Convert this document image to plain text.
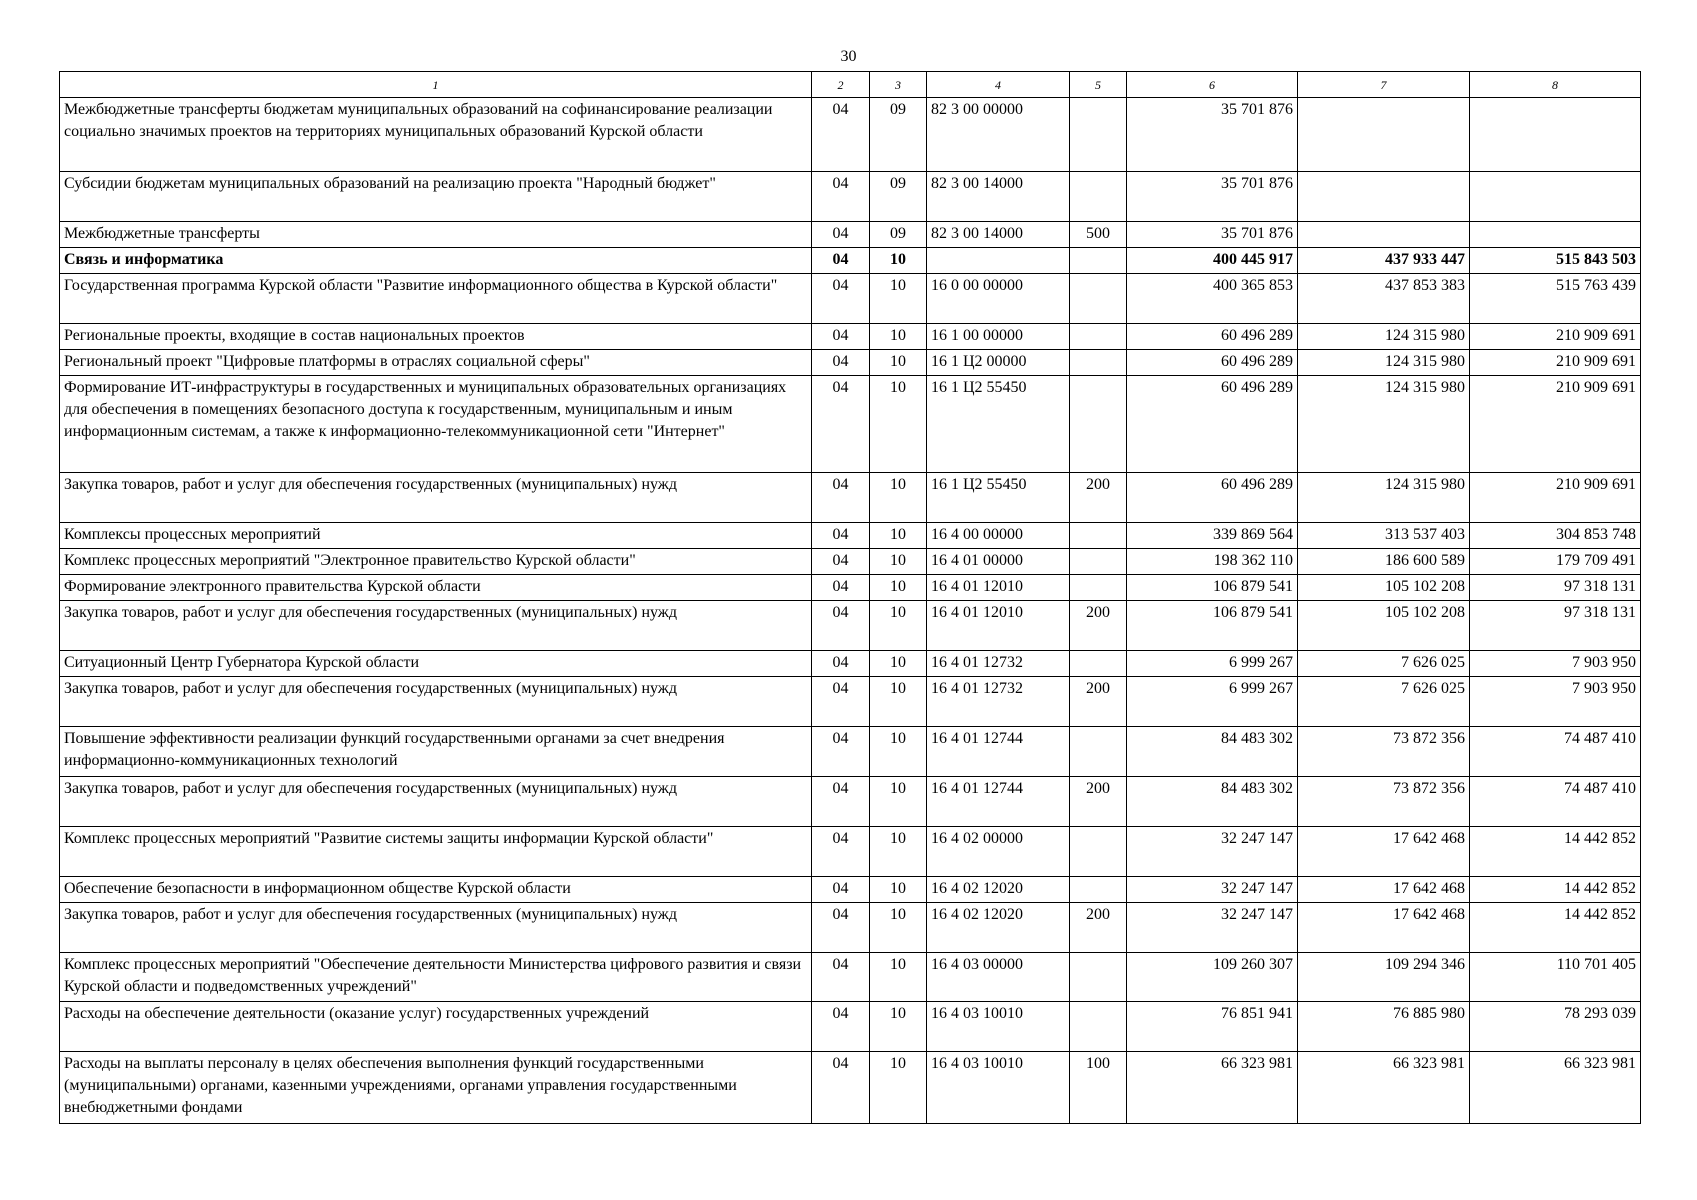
30
1	2	3	4	5	6	7	8
Межбюджетные трансферты бюджетам муниципальных образований на софинансирование реализации социально значимых проектов на территориях муниципальных образований Курской области	04	09	82 3 00 00000		35 701 876		
Субсидии бюджетам муниципальных образований на реализацию проекта "Народный бюджет"	04	09	82 3 00 14000		35 701 876		
Межбюджетные трансферты	04	09	82 3 00 14000	500	35 701 876		
Связь и информатика	04	10			400 445 917	437 933 447	515 843 503
Государственная программа Курской области "Развитие информационного общества в Курской области"	04	10	16 0 00 00000		400 365 853	437 853 383	515 763 439
Региональные проекты, входящие в состав национальных проектов	04	10	16 1 00 00000		60 496 289	124 315 980	210 909 691
Региональный проект "Цифровые платформы в отраслях социальной сферы"	04	10	16 1 Ц2 00000		60 496 289	124 315 980	210 909 691
Формирование ИТ-инфраструктуры в государственных и муниципальных образовательных организациях для обеспечения в помещениях безопасного доступа к государственным, муниципальным и иным информационным системам, а также к информационно-телекоммуникационной сети "Интернет"	04	10	16 1 Ц2 55450		60 496 289	124 315 980	210 909 691
Закупка товаров, работ и услуг для обеспечения государственных (муниципальных) нужд	04	10	16 1 Ц2 55450	200	60 496 289	124 315 980	210 909 691
Комплексы процессных мероприятий	04	10	16 4 00 00000		339 869 564	313 537 403	304 853 748
Комплекс процессных мероприятий "Электронное правительство Курской области"	04	10	16 4 01 00000		198 362 110	186 600 589	179 709 491
Формирование электронного правительства Курской области	04	10	16 4 01 12010		106 879 541	105 102 208	97 318 131
Закупка товаров, работ и услуг для обеспечения государственных (муниципальных) нужд	04	10	16 4 01 12010	200	106 879 541	105 102 208	97 318 131
Ситуационный Центр Губернатора Курской области	04	10	16 4 01 12732		6 999 267	7 626 025	7 903 950
Закупка товаров, работ и услуг для обеспечения государственных (муниципальных) нужд	04	10	16 4 01 12732	200	6 999 267	7 626 025	7 903 950
Повышение эффективности реализации функций государственными органами за счет внедрения информационно-коммуникационных технологий	04	10	16 4 01 12744		84 483 302	73 872 356	74 487 410
Закупка товаров, работ и услуг для обеспечения государственных (муниципальных) нужд	04	10	16 4 01 12744	200	84 483 302	73 872 356	74 487 410
Комплекс процессных мероприятий "Развитие системы защиты информации Курской области"	04	10	16 4 02 00000		32 247 147	17 642 468	14 442 852
Обеспечение безопасности в информационном обществе Курской области	04	10	16 4 02 12020		32 247 147	17 642 468	14 442 852
Закупка товаров, работ и услуг для обеспечения государственных (муниципальных) нужд	04	10	16 4 02 12020	200	32 247 147	17 642 468	14 442 852
Комплекс процессных мероприятий "Обеспечение деятельности Министерства цифрового развития и связи Курской области и подведомственных учреждений"	04	10	16 4 03 00000		109 260 307	109 294 346	110 701 405
Расходы на обеспечение деятельности (оказание услуг) государственных учреждений	04	10	16 4 03 10010		76 851 941	76 885 980	78 293 039
Расходы на выплаты персоналу в целях обеспечения выполнения функций государственными (муниципальными) органами, казенными учреждениями, органами управления государственными внебюджетными фондами	04	10	16 4 03 10010	100	66 323 981	66 323 981	66 323 981
